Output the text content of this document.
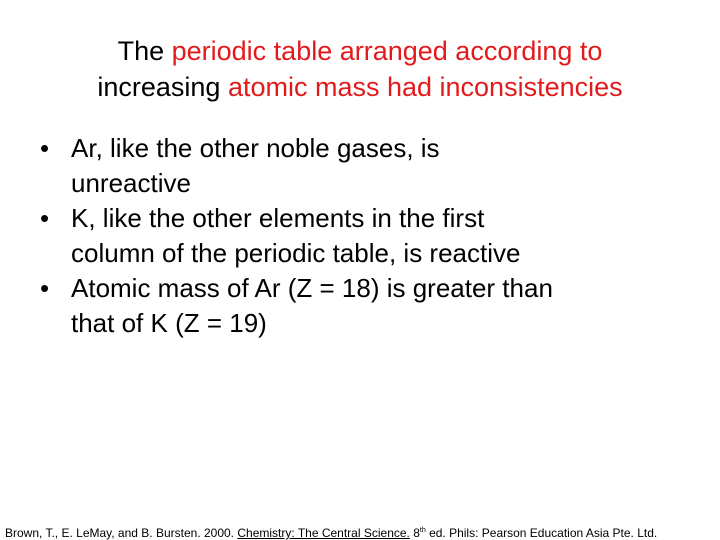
The periodic table arranged according to
increasing atomic mass had inconsistencies
• Ar, like the other noble gases, is
unreactive
• K, like the other elements in the first
column of the periodic table, is reactive
• Atomic mass of Ar (Z = 18) is greater than
that of K (Z = 19)
Brown, T., E. LeMay, and B. Bursten. 2000. Chemistry: The Central Science. 8th ed. Phils: Pearson Education Asia Pte. Ltd.
